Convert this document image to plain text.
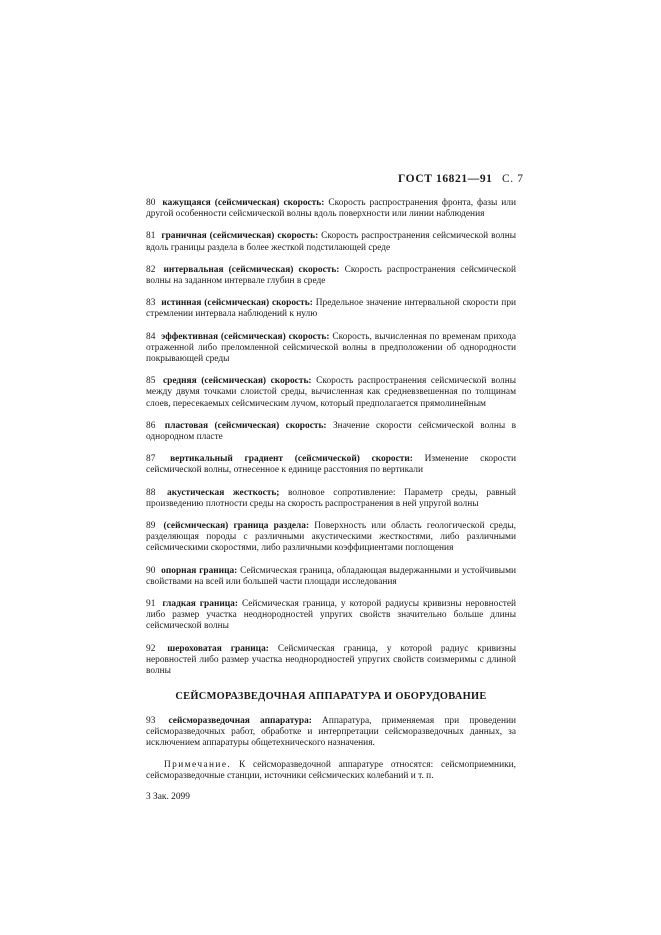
ГОСТ 16821—91 С. 7

80 кажущаяся (сейсмическая) скорость: Скорость распространения фронта, фазы или другой особенности сейсмической волны вдоль поверхности или линии наблюдения

81 граничная (сейсмическая) скорость: Скорость распространения сейсмической волны вдоль границы раздела в более жесткой подстилающей среде

82 интервальная (сейсмическая) скорость: Скорость распространения сейсмической волны на заданном интервале глубин в среде

83 истинная (сейсмическая) скорость: Предельное значение интервальной скорости при стремлении интервала наблюдений к нулю

84 эффективная (сейсмическая) скорость: Скорость, вычисленная по временам прихода отраженной либо преломленной сейсмической волны в предположении об однородности покрывающей среды

85 средняя (сейсмическая) скорость: Скорость распространения сейсмической волны между двумя точками слоистой среды, вычисленная как средневзвешенная по толщинам слоев, пересекаемых сейсмическим лучом, который предполагается прямолинейным

86 пластовая (сейсмическая) скорость: Значение скорости сейсмической волны в однородном пласте

87 вертикальный градиент (сейсмической) скорости: Изменение скорости сейсмической волны, отнесенное к единице расстояния по вертикали

88 акустическая жесткость; волновое сопротивление: Параметр среды, равный произведению плотности среды на скорость распространения в ней упругой волны

89 (сейсмическая) граница раздела: Поверхность или область геологической среды, разделяющая породы с различными акустическими жесткостями, либо различными сейсмическими скоростями, либо различными коэффициентами поглощения

90 опорная граница: Сейсмическая граница, обладающая выдержанными и устойчивыми свойствами на всей или большей части площади исследования

91 гладкая граница: Сейсмическая граница, у которой радиусы кривизны неровностей либо размер участка неоднородностей упругих свойств значительно больше длины сейсмической волны

92 шероховатая граница: Сейсмическая граница, у которой радиус кривизны неровностей либо размер участка неоднородностей упругих свойств соизмеримы с длиной волны

СЕЙСМОРАЗВЕДОЧНАЯ АППАРАТУРА И ОБОРУДОВАНИЕ

93 сейсморазведочная аппаратура: Аппаратура, применяемая при проведении сейсморазведочных работ, обработке и интерпретации сейсморазведочных данных, за исключением аппаратуры общетехнического назначения.

Примечание. К сейсморазведочной аппаратуре относятся: сейсмоприемники, сейсморазведочные станции, источники сейсмических колебаний и т. п.

3 Зак. 2099
